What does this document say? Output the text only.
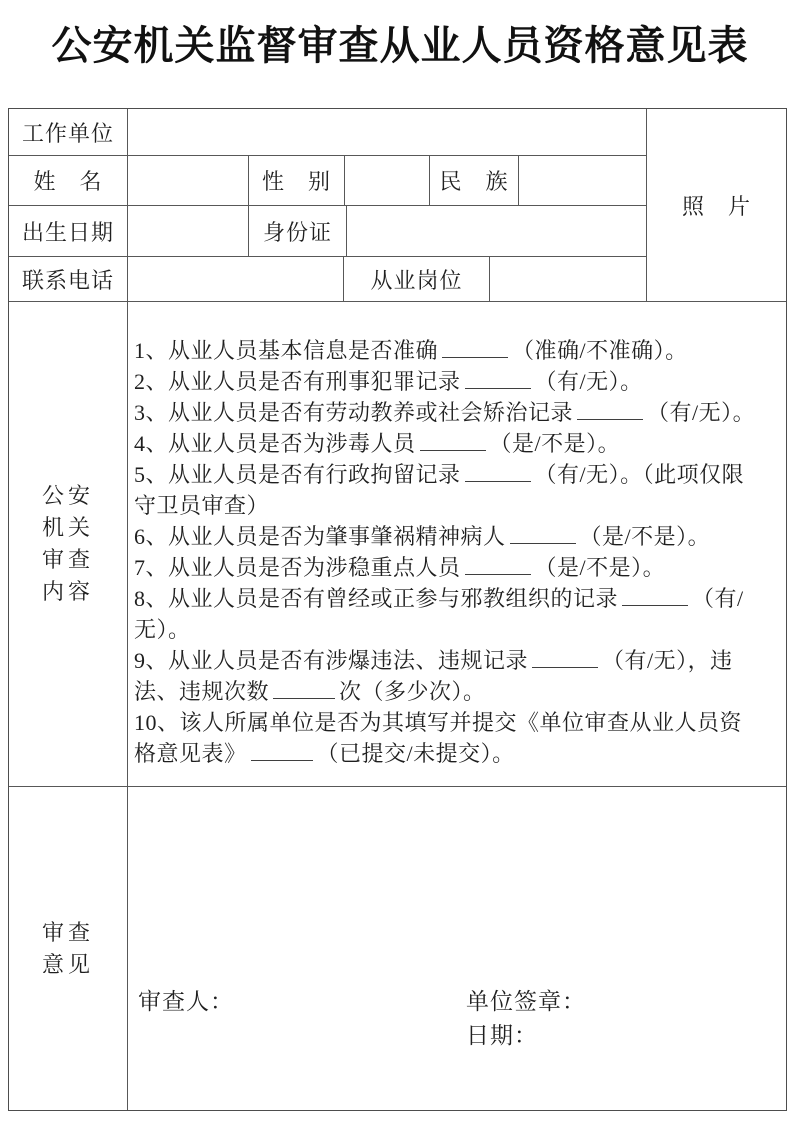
公安机关监督审查从业人员资格意见表
工作单位
姓　名	性　别	民　族
出生日期	身份证
联系电话	从业岗位
照　片
公安
机关
审查
内容
1、从业人员基本信息是否准确	（准确/不准确）。
2、从业人员是否有刑事犯罪记录	（有/无）。
3、从业人员是否有劳动教养或社会矫治记录	（有/无）。
4、从业人员是否为涉毒人员	（是/不是）。
5、从业人员是否有行政拘留记录	（有/无）。（此项仅限
守卫员审查）
6、从业人员是否为肇事肇祸精神病人	（是/不是）。
7、从业人员是否为涉稳重点人员	（是/不是）。
8、从业人员是否有曾经或正参与邪教组织的记录	（有/
无）。
9、从业人员是否有涉爆违法、违规记录	（有/无），违
法、违规次数	次（多少次）。
10、该人所属单位是否为其填写并提交《单位审查从业人员资
格意见表》	（已提交/未提交）。
审查
意见
审查人：	单位签章：
日期：
